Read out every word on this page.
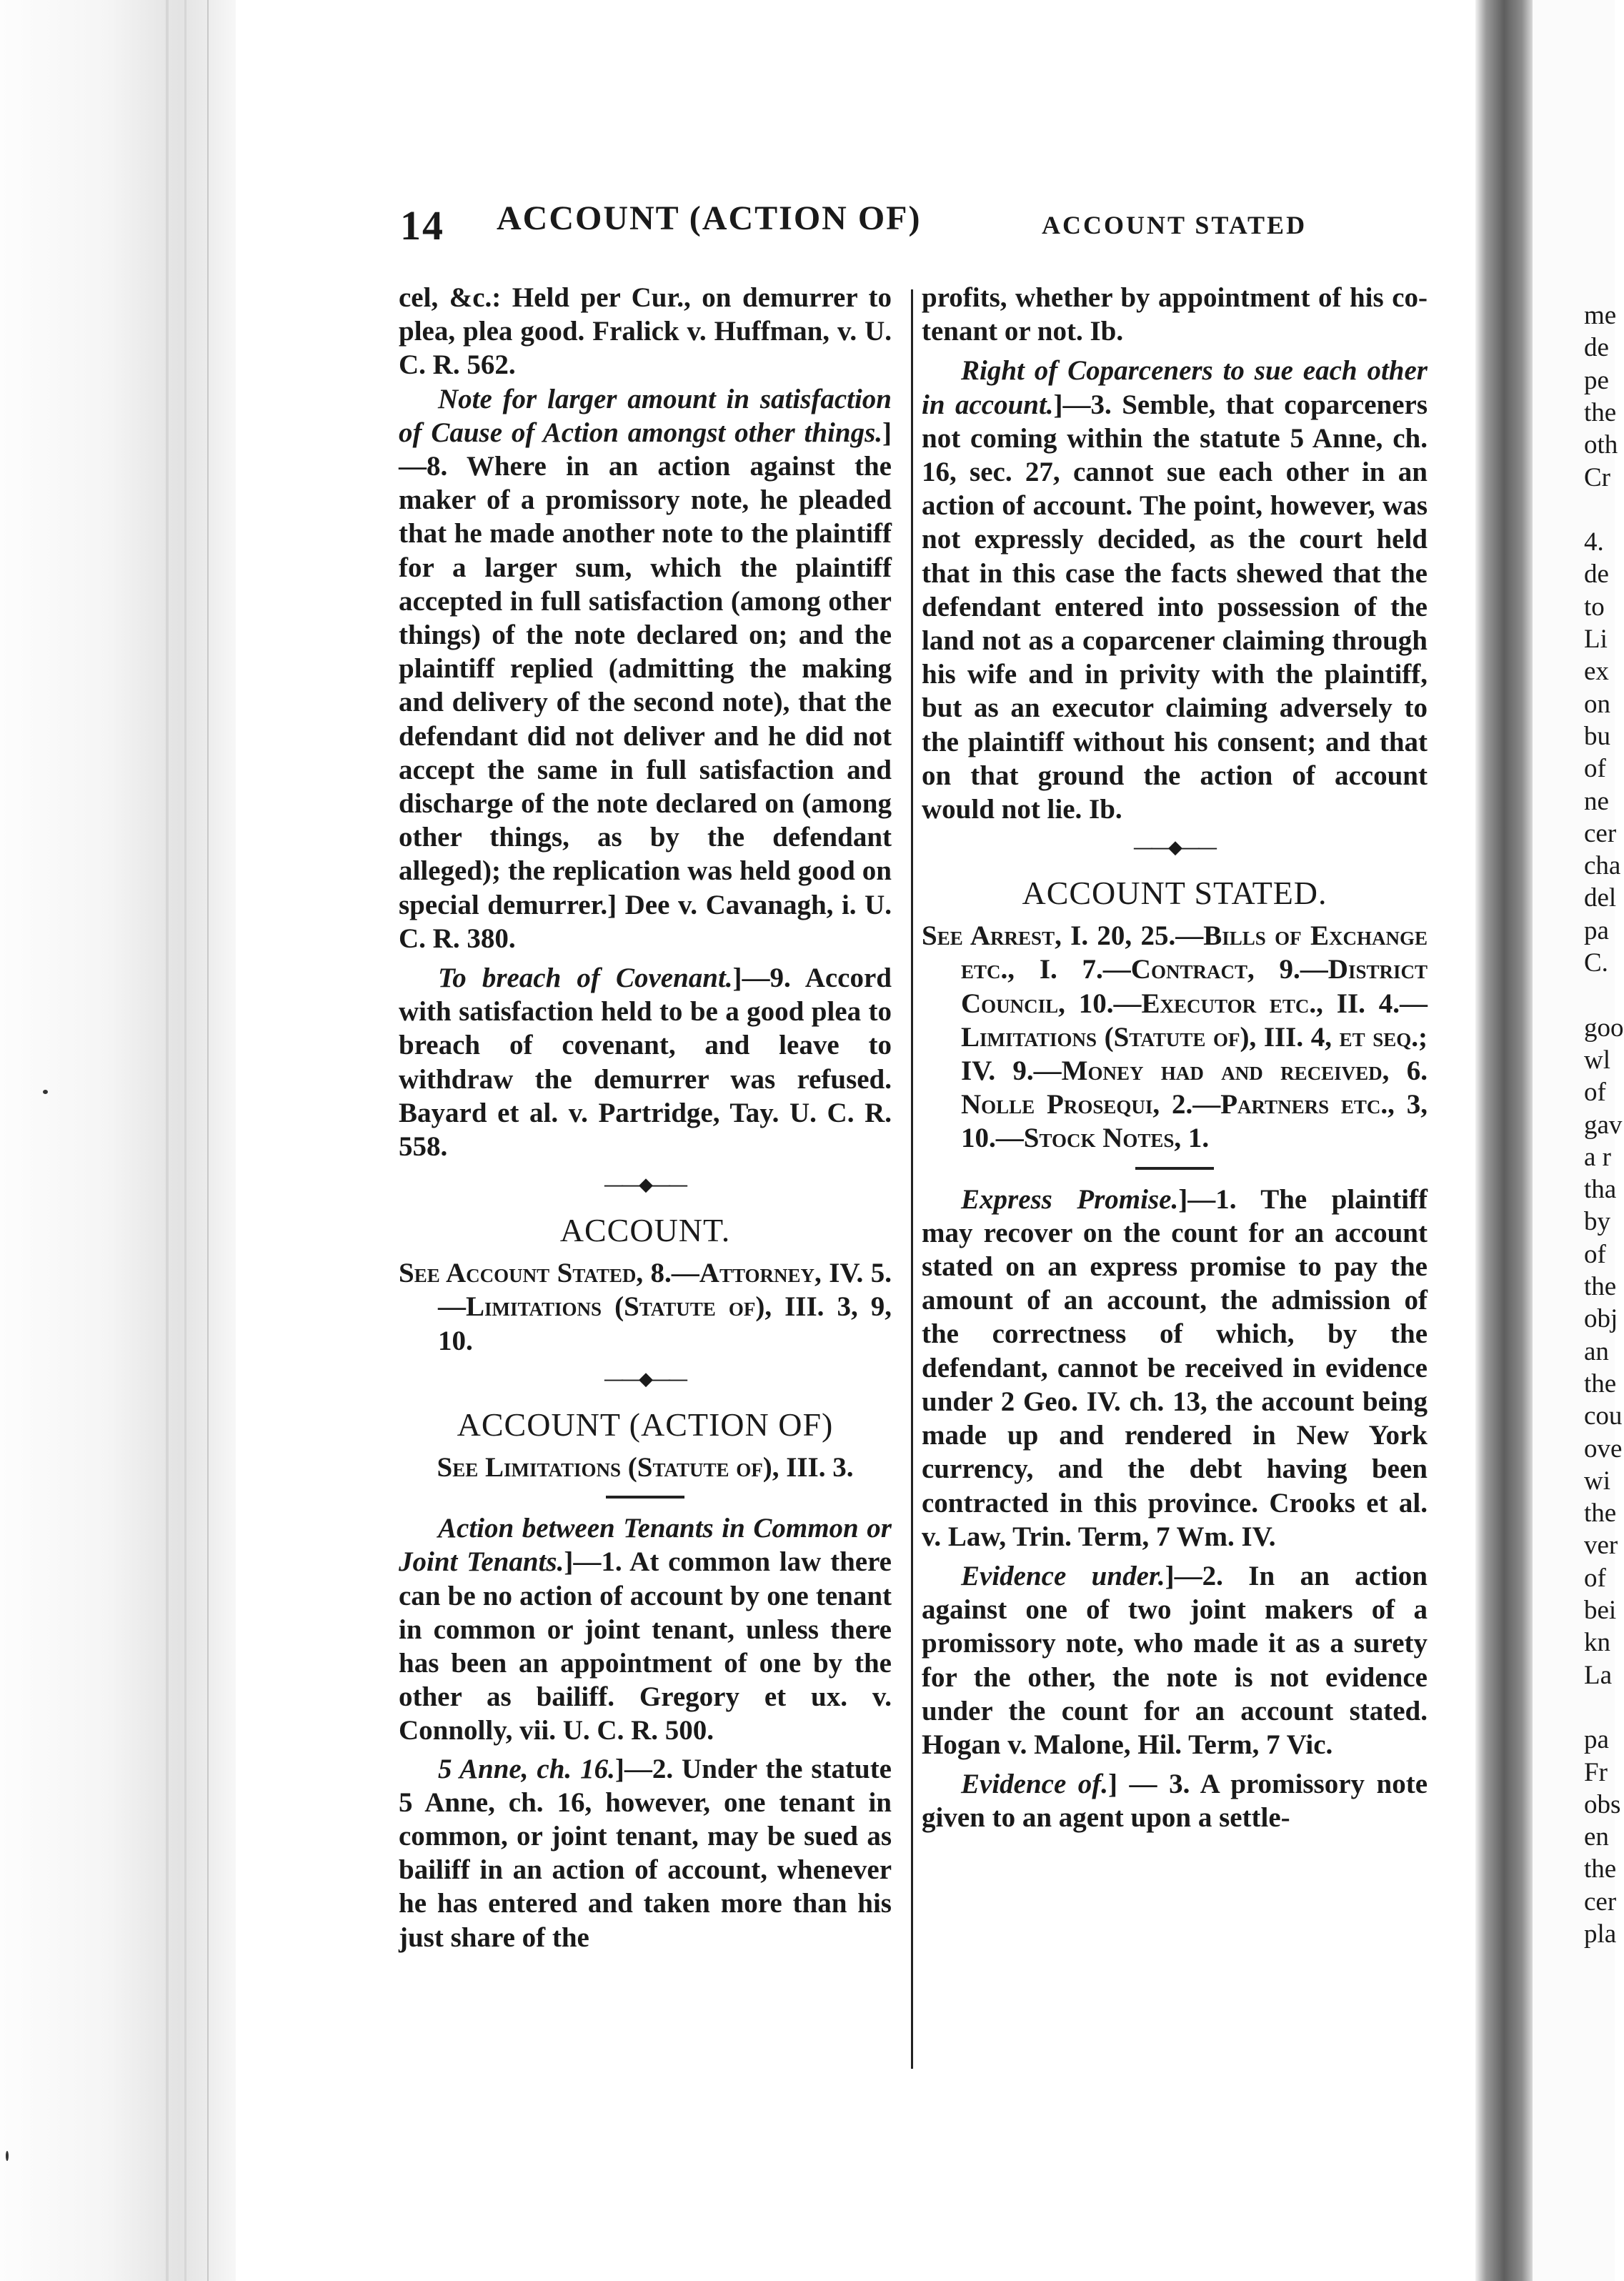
me
de
pe
the
oth
Cr
4.
de
to
Li
ex
on
bu
of
ne
cer
cha
del
pa
C.
goo
wl
of
gav
a r
tha
by
of
the
obj
an
the
cou
ove
wi
the
ver
of
bei
kn
La
pa
Fr
obs
en
the
cer
pla
14 ACCOUNT (ACTION OF)	ACCOUNT STATED

cel, &c.: Held per Cur., on demurrer to plea, plea good. Fralick v. Huffman, v. U. C. R. 562.

Note for larger amount in satisfaction of Cause of Action amongst other things.]—8. Where in an action against the maker of a promissory note, he pleaded that he made another note to the plaintiff for a larger sum, which the plaintiff accepted in full satisfaction (among other things) of the note declared on; and the plaintiff replied (admitting the making and delivery of the second note), that the defendant did not deliver and he did not accept the same in full satisfaction and discharge of the note declared on (among other things, as by the defendant alleged); the replication was held good on special demurrer.] Dee v. Cavanagh, i. U. C. R. 380.

To breach of Covenant.]—9. Accord with satisfaction held to be a good plea to breach of covenant, and leave to withdraw the demurrer was refused. Bayard et al. v. Partridge, Tay. U. C. R. 558.

——◆——
ACCOUNT.

See Account Stated, 8.—Attorney, IV. 5.—Limitations (Statute of), III. 3, 9, 10.

——◆——
ACCOUNT (ACTION OF)

See Limitations (Statute of), III. 3.

Action between Tenants in Common or Joint Tenants.]—1. At common law there can be no action of account by one tenant in common or joint tenant, unless there has been an appointment of one by the other as bailiff. Gregory et ux. v. Connolly, vii. U. C. R. 500.

5 Anne, ch. 16.]—2. Under the statute 5 Anne, ch. 16, however, one tenant in common, or joint tenant, may be sued as bailiff in an action of account, whenever he has entered and taken more than his just share of the

profits, whether by appointment of his co-tenant or not. Ib.

Right of Coparceners to sue each other in account.]—3. Semble, that coparceners not coming within the statute 5 Anne, ch. 16, sec. 27, cannot sue each other in an action of account. The point, however, was not expressly decided, as the court held that in this case the facts shewed that the defendant entered into possession of the land not as a coparcener claiming through his wife and in privity with the plaintiff, but as an executor claiming adversely to the plaintiff without his consent; and that on that ground the action of account would not lie. Ib.

——◆——
ACCOUNT STATED.

See Arrest, I. 20, 25.—Bills of Exchange etc., I. 7.—Contract, 9.—District Council, 10.—Executor etc., II. 4.—Limitations (Statute of), III. 4, et seq.; IV. 9.—Money had and received, 6. Nolle Prosequi, 2.—Partners etc., 3, 10.—Stock Notes, 1.

Express Promise.]—1. The plaintiff may recover on the count for an account stated on an express promise to pay the amount of an account, the admission of the correctness of which, by the defendant, cannot be received in evidence under 2 Geo. IV. ch. 13, the account being made up and rendered in New York currency, and the debt having been contracted in this province. Crooks et al. v. Law, Trin. Term, 7 Wm. IV.

Evidence under.]—2. In an action against one of two joint makers of a promissory note, who made it as a surety for the other, the note is not evidence under the count for an account stated. Hogan v. Malone, Hil. Term, 7 Vic.

Evidence of.] — 3. A promissory note given to an agent upon a settle-
